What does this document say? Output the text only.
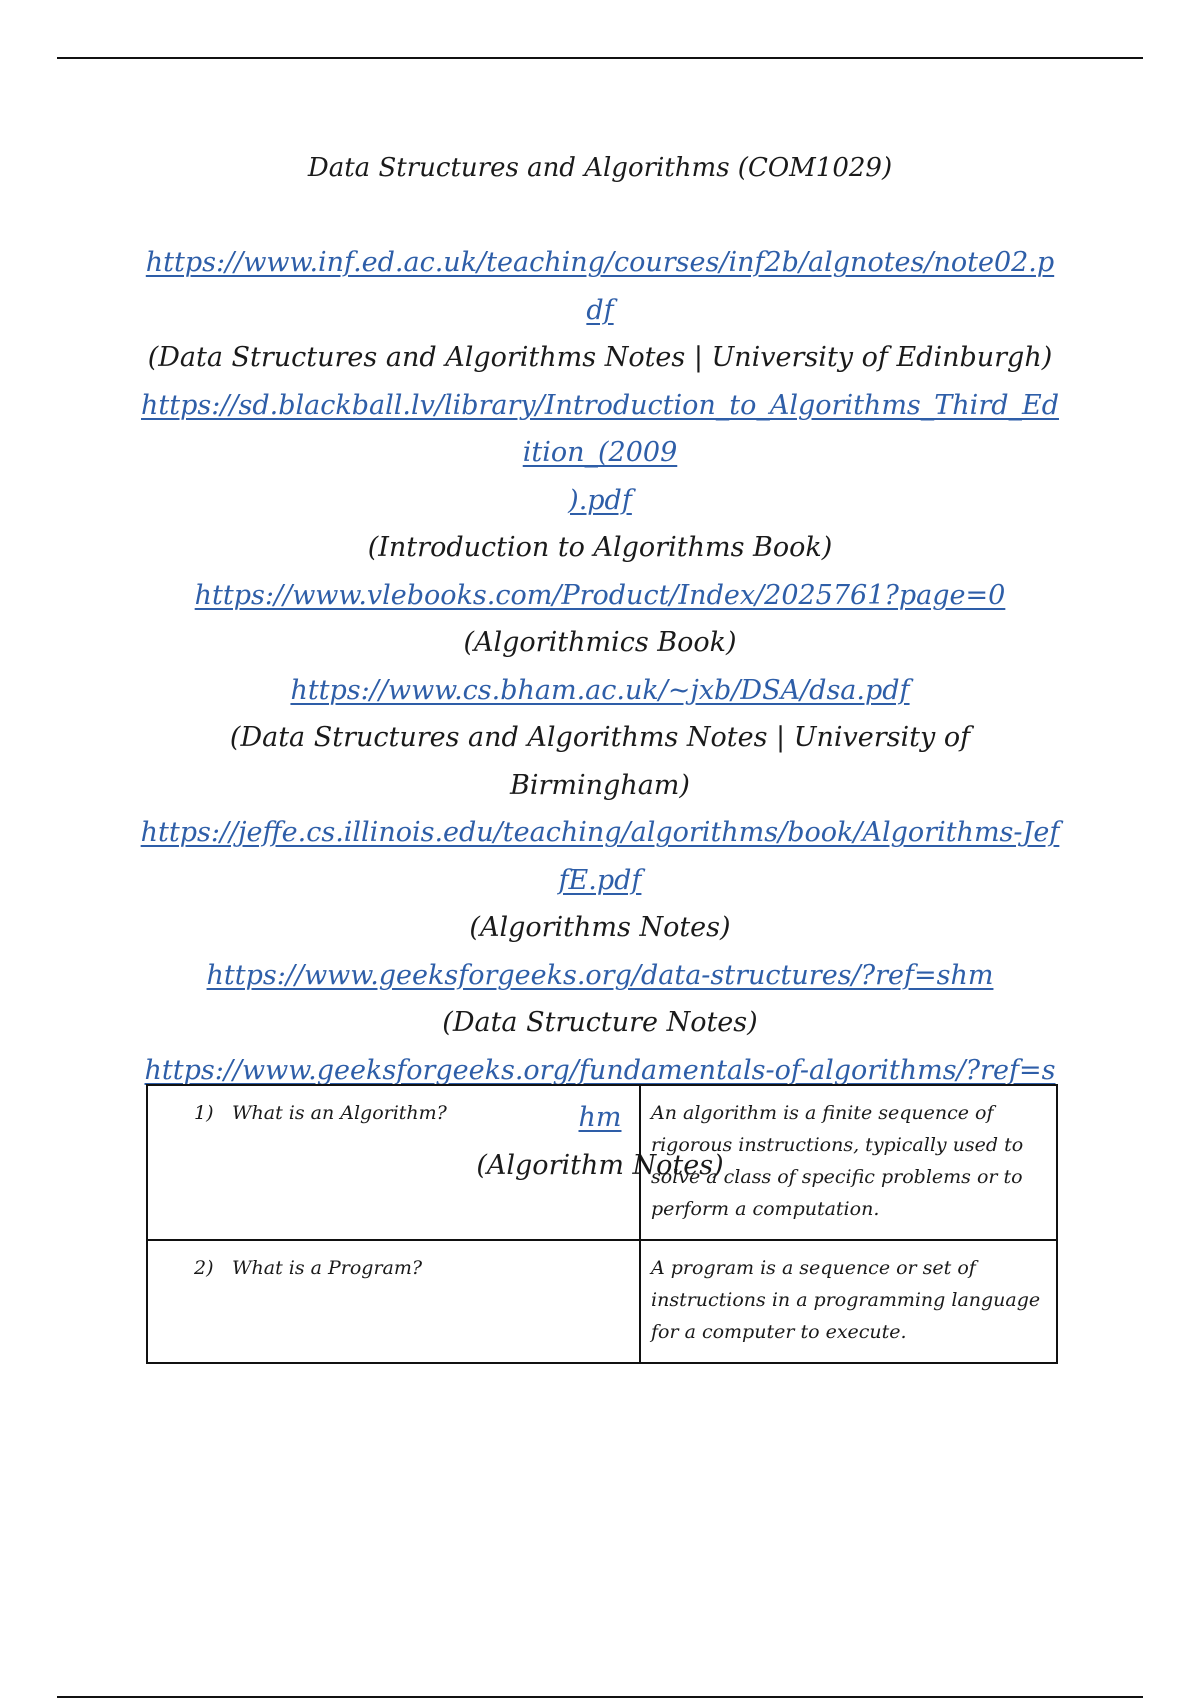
Data Structures and Algorithms (COM1029)
https://www.inf.ed.ac.uk/teaching/courses/inf2b/algnotes/note02.pdf
(Data Structures and Algorithms Notes | University of Edinburgh)
https://sd.blackball.lv/library/Introduction_to_Algorithms_Third_Edition_(2009
).pdf
(Introduction to Algorithms Book)
https://www.vlebooks.com/Product/Index/2025761?page=0
(Algorithmics Book)
https://www.cs.bham.ac.uk/~jxb/DSA/dsa.pdf
(Data Structures and Algorithms Notes | University of Birmingham)
https://jeffe.cs.illinois.edu/teaching/algorithms/book/Algorithms-JeffE.pdf
(Algorithms Notes)
https://www.geeksforgeeks.org/data-structures/?ref=shm
(Data Structure Notes)
https://www.geeksforgeeks.org/fundamentals-of-algorithms/?ref=shm
(Algorithm Notes)
1) What is an Algorithm?	An algorithm is a finite sequence of rigorous instructions, typically used to solve a class of specific problems or to perform a computation.
2) What is a Program?	A program is a sequence or set of instructions in a programming language for a computer to execute.
